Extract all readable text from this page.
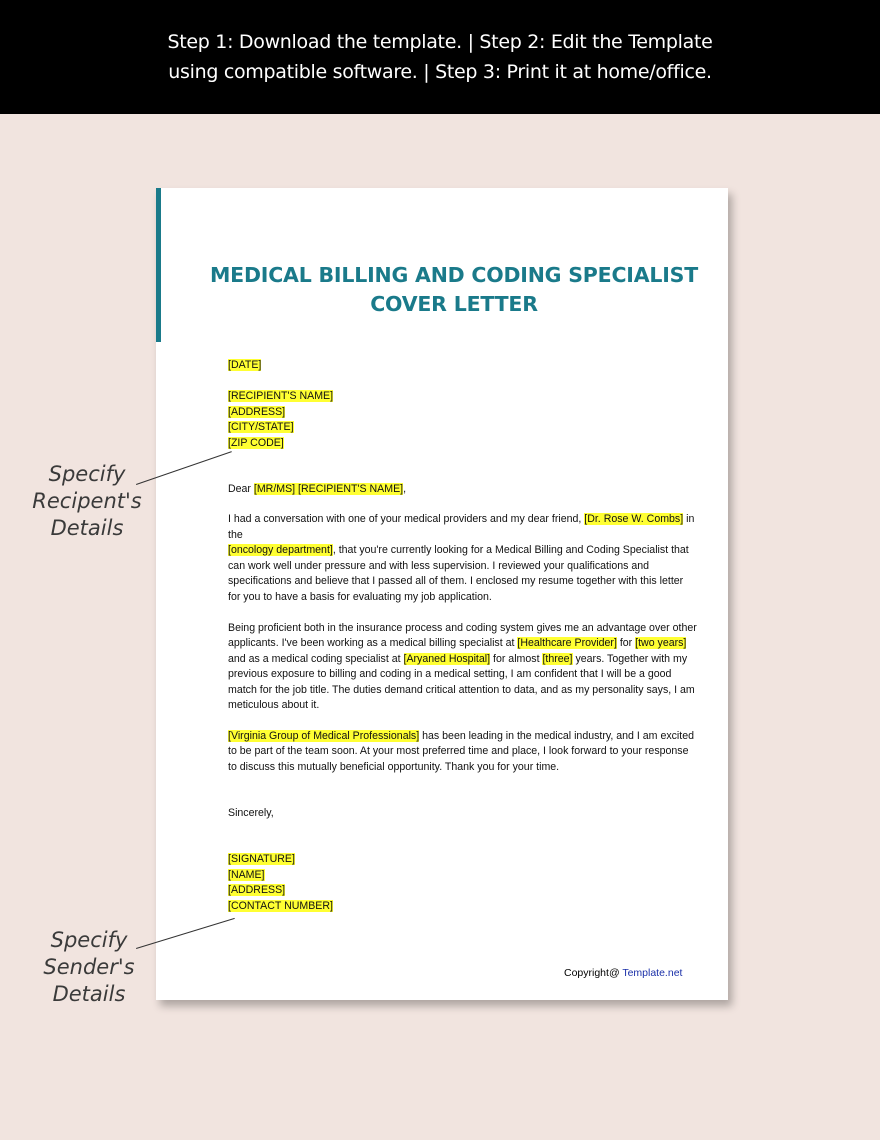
Step 1: Download the template. | Step 2: Edit the Template
using compatible software. | Step 3: Print it at home/office.
MEDICAL BILLING AND CODING SPECIALIST
COVER LETTER
[DATE]
[RECIPIENT'S NAME]
[ADDRESS]
[CITY/STATE]
[ZIP CODE]
Dear [MR/MS] [RECIPIENT'S NAME],
I had a conversation with one of your medical providers and my dear friend, [Dr. Rose W. Combs] in
the
[oncology department], that you're currently looking for a Medical Billing and Coding Specialist that
can work well under pressure and with less supervision. I reviewed your qualifications and
specifications and believe that I passed all of them. I enclosed my resume together with this letter
for you to have a basis for evaluating my job application.
Being proficient both in the insurance process and coding system gives me an advantage over other
applicants. I've been working as a medical billing specialist at [Healthcare Provider] for [two years]
and as a medical coding specialist at [Aryaned Hospital] for almost [three] years. Together with my
previous exposure to billing and coding in a medical setting, I am confident that I will be a good
match for the job title. The duties demand critical attention to data, and as my personality says, I am
meticulous about it.
[Virginia Group of Medical Professionals] has been leading in the medical industry, and I am excited
to be part of the team soon. At your most preferred time and place, I look forward to your response
to discuss this mutually beneficial opportunity. Thank you for your time.
Sincerely,
[SIGNATURE]
[NAME]
[ADDRESS]
[CONTACT NUMBER]
Copyright@ Template.net
Specify
Recipent's
Details
Specify
Sender's
Details
